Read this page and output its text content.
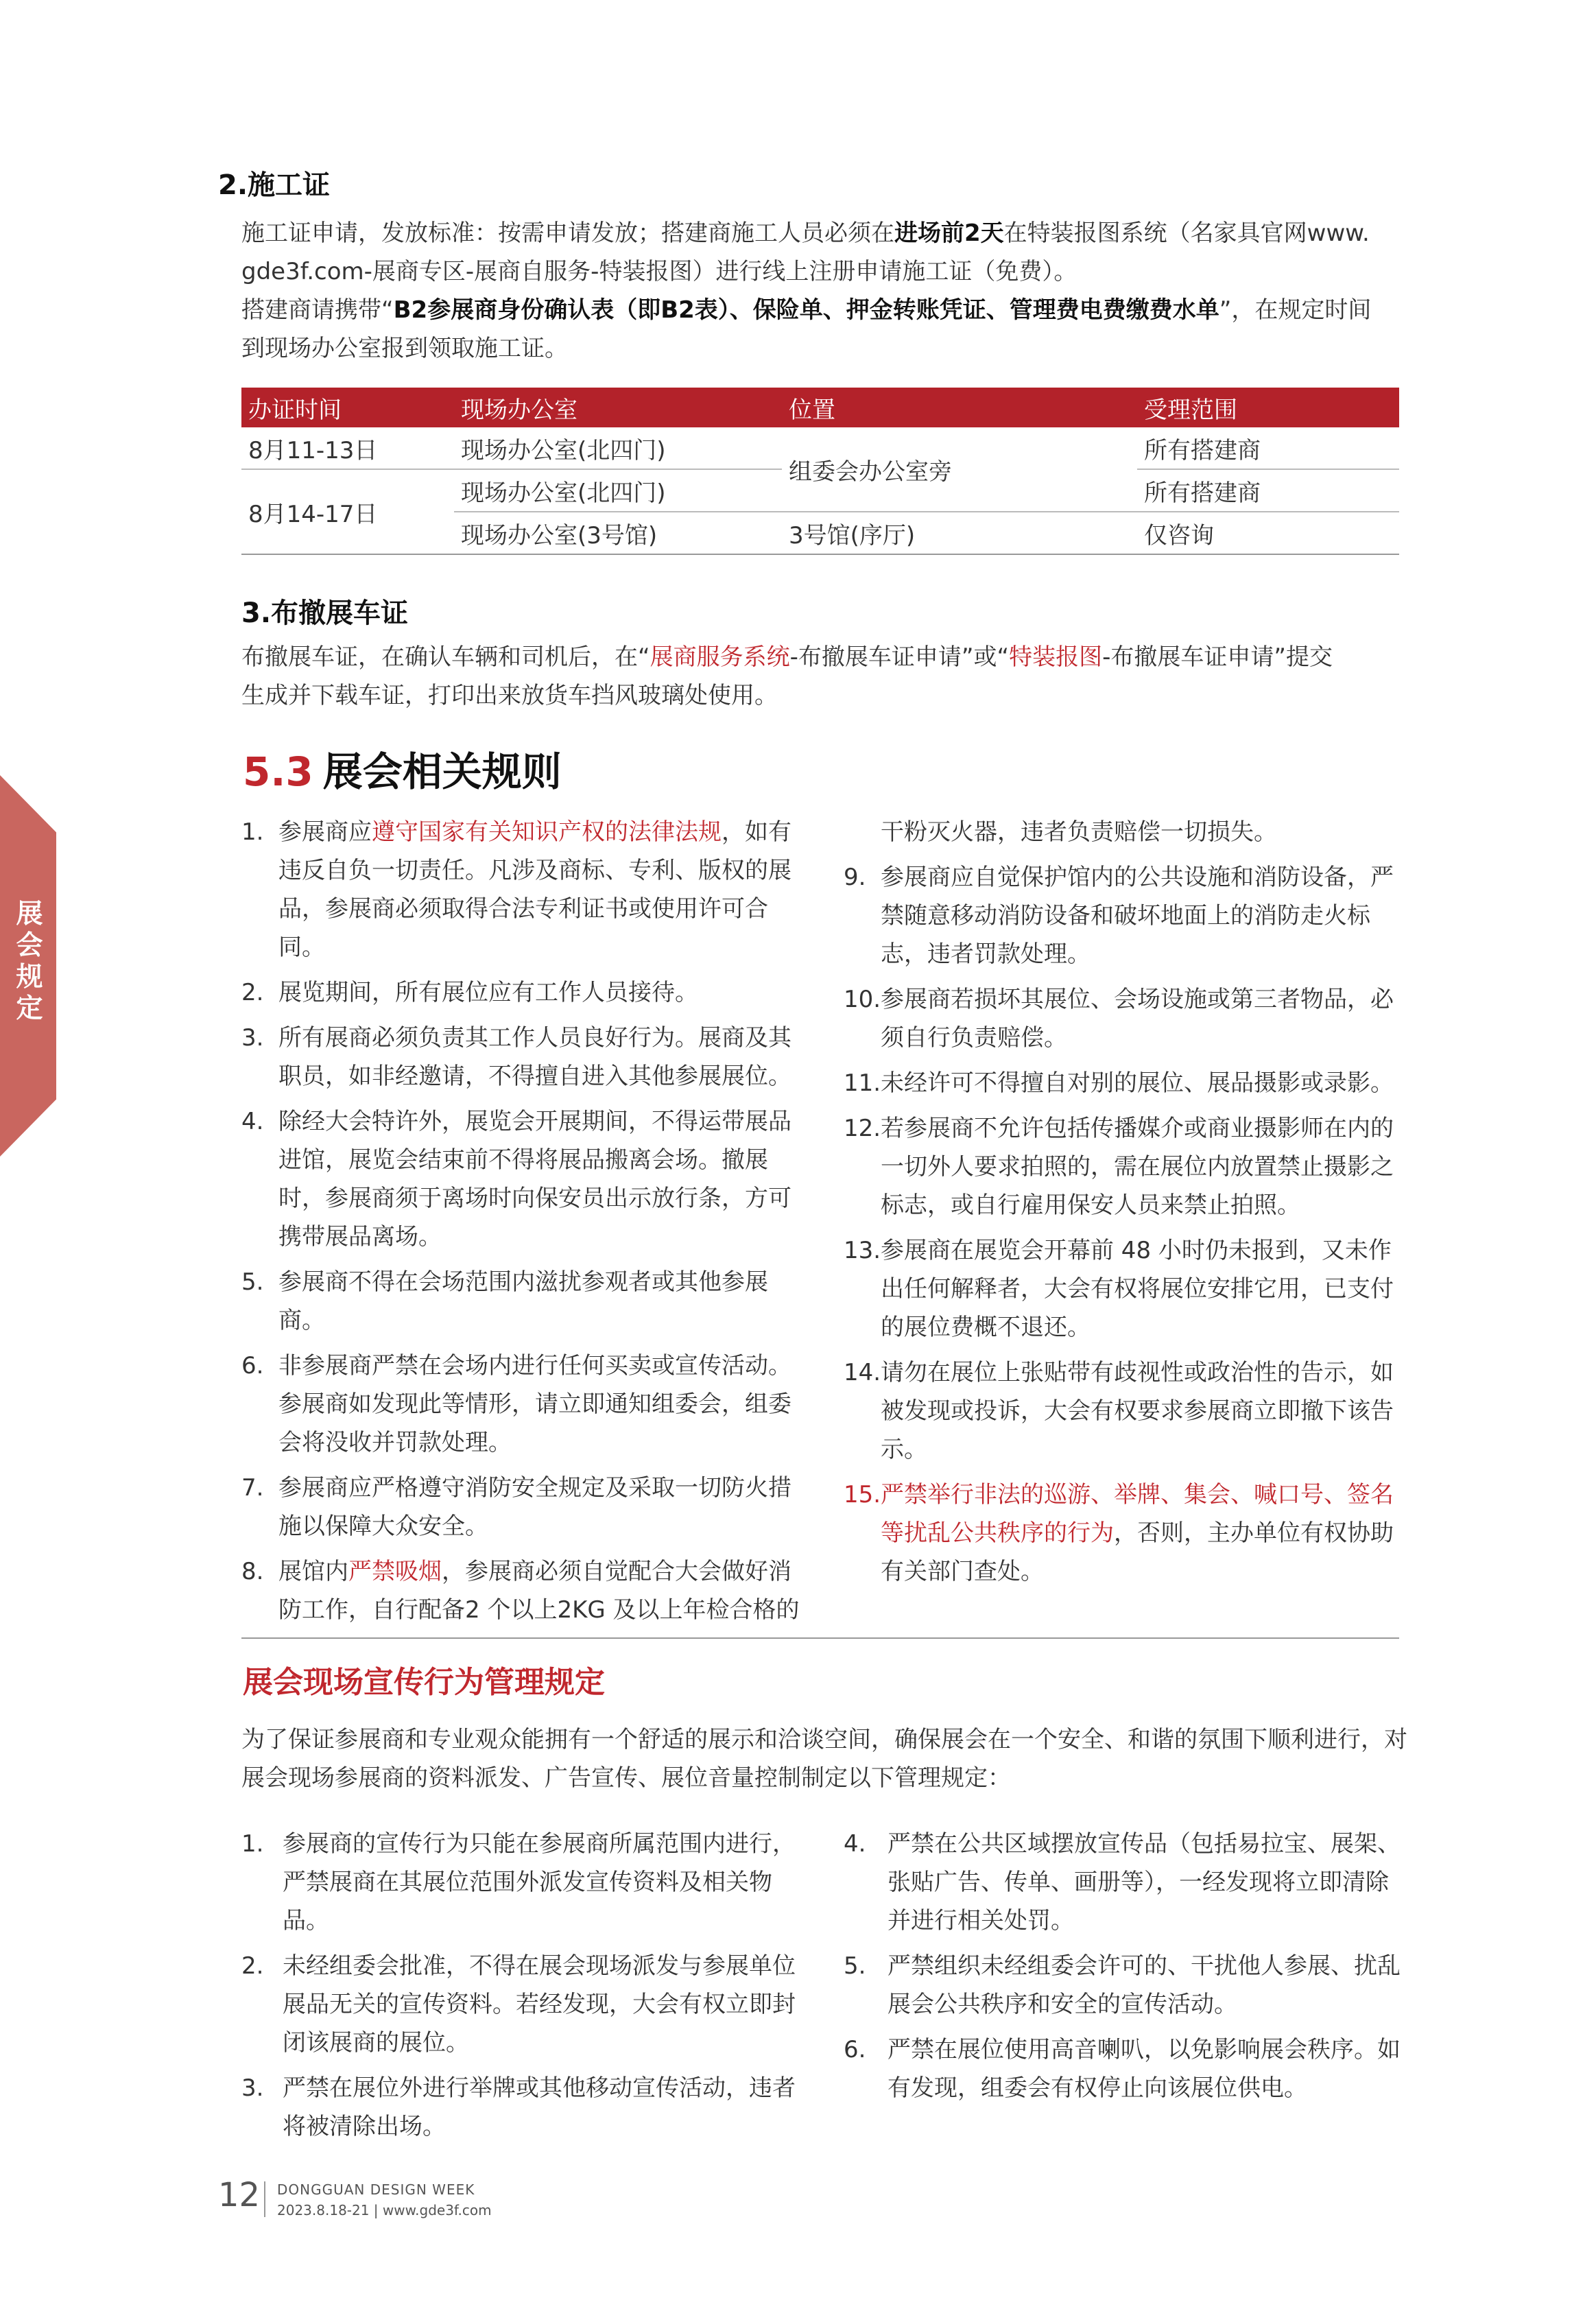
展会规定
2.施工证
施工证申请，发放标准：按需申请发放；搭建商施工人员必须在进场前2天在特装报图系统（名家具官网www.
gde3f.com-展商专区-展商自服务-特装报图）进行线上注册申请施工证（免费）。
搭建商请携带“B2参展商身份确认表（即B2表）、保险单、押金转账凭证、管理费电费缴费水单”，在规定时间
到现场办公室报到领取施工证。
办证时间	现场办公室	位置	受理范围
8月11-13日	现场办公室(北四门)	组委会办公室旁	所有搭建商
8月14-17日	现场办公室(北四门)		所有搭建商
	现场办公室(3号馆)	3号馆(序厅)	仅咨询
3.布撤展车证
布撤展车证，在确认车辆和司机后，在“展商服务系统-布撤展车证申请”或“特装报图-布撤展车证申请”提交
生成并下载车证，打印出来放货车挡风玻璃处使用。
5.3 展会相关规则
1. 参展商应遵守国家有关知识产权的法律法规，如有违反自负一切责任。凡涉及商标、专利、版权的展品，参展商必须取得合法专利证书或使用许可合同。
2. 展览期间，所有展位应有工作人员接待。
3. 所有展商必须负责其工作人员良好行为。展商及其职员，如非经邀请，不得擅自进入其他参展展位。
4. 除经大会特许外，展览会开展期间，不得运带展品进馆，展览会结束前不得将展品搬离会场。撤展时，参展商须于离场时向保安员出示放行条，方可携带展品离场。
5. 参展商不得在会场范围内滋扰参观者或其他参展商。
6. 非参展商严禁在会场内进行任何买卖或宣传活动。参展商如发现此等情形，请立即通知组委会，组委会将没收并罚款处理。
7. 参展商应严格遵守消防安全规定及采取一切防火措施以保障大众安全。
8. 展馆内严禁吸烟，参展商必须自觉配合大会做好消防工作，自行配备2 个以上2KG 及以上年检合格的
干粉灭火器，违者负责赔偿一切损失。
9. 参展商应自觉保护馆内的公共设施和消防设备，严禁随意移动消防设备和破坏地面上的消防走火标志，违者罚款处理。
10. 参展商若损坏其展位、会场设施或第三者物品，必须自行负责赔偿。
11. 未经许可不得擅自对别的展位、展品摄影或录影。
12. 若参展商不允许包括传播媒介或商业摄影师在内的一切外人要求拍照的，需在展位内放置禁止摄影之标志，或自行雇用保安人员来禁止拍照。
13. 参展商在展览会开幕前 48 小时仍未报到，又未作出任何解释者，大会有权将展位安排它用，已支付的展位费概不退还。
14. 请勿在展位上张贴带有歧视性或政治性的告示，如被发现或投诉，大会有权要求参展商立即撤下该告示。
15. 严禁举行非法的巡游、举牌、集会、喊口号、签名等扰乱公共秩序的行为，否则，主办单位有权协助有关部门查处。
展会现场宣传行为管理规定
为了保证参展商和专业观众能拥有一个舒适的展示和洽谈空间，确保展会在一个安全、和谐的氛围下顺利进行，对展会现场参展商的资料派发、广告宣传、展位音量控制制定以下管理规定：
1. 参展商的宣传行为只能在参展商所属范围内进行，严禁展商在其展位范围外派发宣传资料及相关物品。
2. 未经组委会批准，不得在展会现场派发与参展单位展品无关的宣传资料。若经发现，大会有权立即封闭该展商的展位。
3. 严禁在展位外进行举牌或其他移动宣传活动，违者将被清除出场。
4. 严禁在公共区域摆放宣传品（包括易拉宝、展架、张贴广告、传单、画册等），一经发现将立即清除并进行相关处罚。
5. 严禁组织未经组委会许可的、干扰他人参展、扰乱展会公共秩序和安全的宣传活动。
6. 严禁在展位使用高音喇叭，以免影响展会秩序。如有发现，组委会有权停止向该展位供电。
12 DONGGUAN DESIGN WEEK
2023.8.18-21 | www.gde3f.com
